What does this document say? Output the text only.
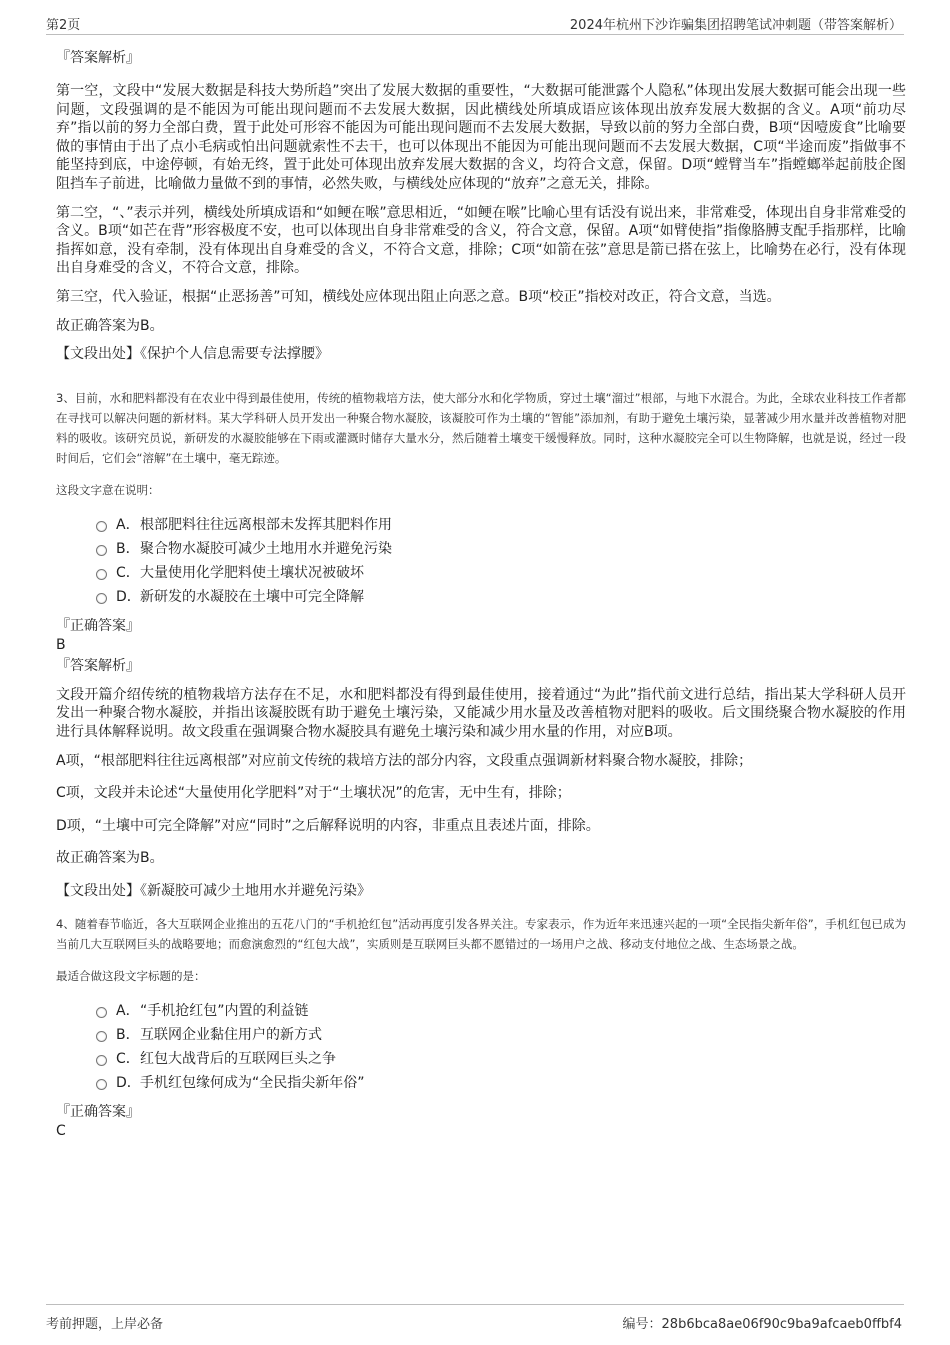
第2页	2024年杭州下沙诈骗集团招聘笔试冲刺题（带答案解析）
『答案解析』

第一空，文段中“发展大数据是科技大势所趋”突出了发展大数据的重要性，“大数据可能泄露个人隐私”体现出发展大数据可能会出现一些问题，文段强调的是不能因为可能出现问题而不去发展大数据，因此横线处所填成语应该体现出放弃发展大数据的含义。A项“前功尽弃”指以前的努力全部白费，置于此处可形容不能因为可能出现问题而不去发展大数据，导致以前的努力全部白费，B项“因噎废食”比喻要做的事情由于出了点小毛病或怕出问题就索性不去干，也可以体现出不能因为可能出现问题而不去发展大数据，C项“半途而废”指做事不能坚持到底，中途停顿，有始无终，置于此处可体现出放弃发展大数据的含义，均符合文意，保留。D项“螳臂当车”指螳螂举起前肢企图阻挡车子前进，比喻做力量做不到的事情，必然失败，与横线处应体现的“放弃”之意无关，排除。

第二空，“、”表示并列，横线处所填成语和“如鲠在喉”意思相近，“如鲠在喉”比喻心里有话没有说出来，非常难受，体现出自身非常难受的含义。B项“如芒在背”形容极度不安，也可以体现出自身非常难受的含义，符合文意，保留。A项“如臂使指”指像胳膊支配手指那样，比喻指挥如意，没有牵制，没有体现出自身难受的含义，不符合文意，排除；C项“如箭在弦”意思是箭已搭在弦上，比喻势在必行，没有体现出自身难受的含义，不符合文意，排除。

第三空，代入验证，根据“止恶扬善”可知，横线处应体现出阻止向恶之意。B项“校正”指校对改正，符合文意，当选。

故正确答案为B。

【文段出处】《保护个人信息需要专法撑腰》

3、目前，水和肥料都没有在农业中得到最佳使用，传统的植物栽培方法，使大部分水和化学物质，穿过土壤“溜过”根部，与地下水混合。为此，全球农业科技工作者都在寻找可以解决问题的新材料。某大学科研人员开发出一种聚合物水凝胶，该凝胶可作为土壤的“智能”添加剂，有助于避免土壤污染，显著减少用水量并改善植物对肥料的吸收。该研究员说，新研发的水凝胶能够在下雨或灌溉时储存大量水分，然后随着土壤变干缓慢释放。同时，这种水凝胶完全可以生物降解，也就是说，经过一段时间后，它们会“溶解”在土壤中，毫无踪迹。

这段文字意在说明：

A． 根部肥料往往远离根部未发挥其肥料作用
B． 聚合物水凝胶可减少土地用水并避免污染
C． 大量使用化学肥料使土壤状况被破坏
D． 新研发的水凝胶在土壤中可完全降解
『正确答案』
B
『答案解析』

文段开篇介绍传统的植物栽培方法存在不足，水和肥料都没有得到最佳使用，接着通过“为此”指代前文进行总结，指出某大学科研人员开发出一种聚合物水凝胶，并指出该凝胶既有助于避免土壤污染，又能减少用水量及改善植物对肥料的吸收。后文围绕聚合物水凝胶的作用进行具体解释说明。故文段重在强调聚合物水凝胶具有避免土壤污染和减少用水量的作用，对应B项。

A项，“根部肥料往往远离根部”对应前文传统的栽培方法的部分内容，文段重点强调新材料聚合物水凝胶，排除；

C项，文段并未论述“大量使用化学肥料”对于“土壤状况”的危害，无中生有，排除；

D项，“土壤中可完全降解”对应“同时”之后解释说明的内容，非重点且表述片面，排除。

故正确答案为B。

【文段出处】《新凝胶可减少土地用水并避免污染》

4、随着春节临近，各大互联网企业推出的五花八门的“手机抢红包”活动再度引发各界关注。专家表示，作为近年来迅速兴起的一项“全民指尖新年俗”，手机红包已成为当前几大互联网巨头的战略要地；而愈演愈烈的“红包大战”，实质则是互联网巨头都不愿错过的一场用户之战、移动支付地位之战、生态场景之战。

最适合做这段文字标题的是：

A． “手机抢红包”内置的利益链
B． 互联网企业黏住用户的新方式
C． 红包大战背后的互联网巨头之争
D． 手机红包缘何成为“全民指尖新年俗”
『正确答案』
C
考前押题，上岸必备	编号：28b6bca8ae06f90c9ba9afcaeb0ffbf4
